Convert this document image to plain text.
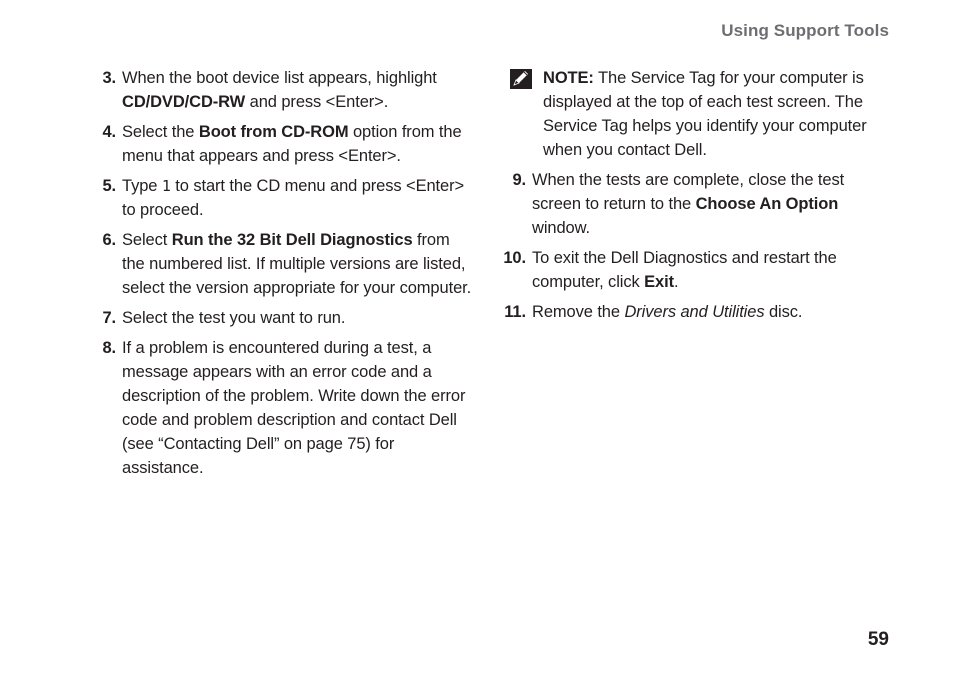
Using Support Tools
3. When the boot device list appears, highlight CD/DVD/CD-RW and press <Enter>.
4. Select the Boot from CD-ROM option from the menu that appears and press <Enter>.
5. Type 1 to start the CD menu and press <Enter> to proceed.
6. Select Run the 32 Bit Dell Diagnostics from the numbered list. If multiple versions are listed, select the version appropriate for your computer.
7. Select the test you want to run.
8. If a problem is encountered during a test, a message appears with an error code and a description of the problem. Write down the error code and problem description and contact Dell (see “Contacting Dell” on page 75) for assistance.
NOTE: The Service Tag for your computer is displayed at the top of each test screen. The Service Tag helps you identify your computer when you contact Dell.
9. When the tests are complete, close the test screen to return to the Choose An Option window.
10. To exit the Dell Diagnostics and restart the computer, click Exit.
11. Remove the Drivers and Utilities disc.
59
